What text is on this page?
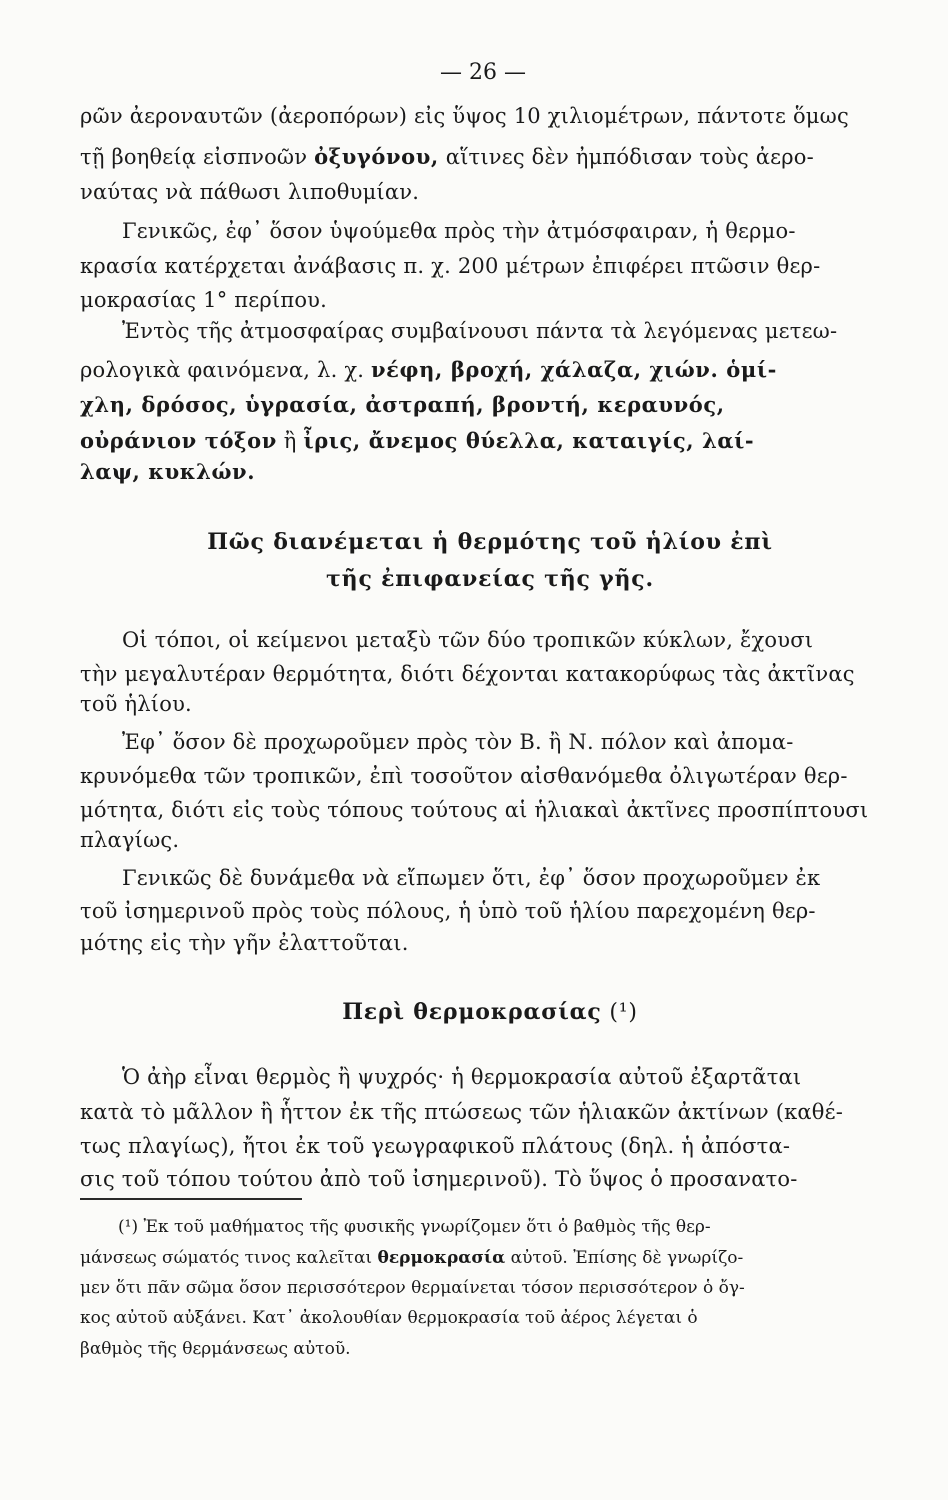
— 26 —
ρῶν ἀεροναυτῶν (ἀεροπόρων) εἰς ὕψος 10 χιλιομέτρων, πάντοτε ὅμως
τῇ βοηθείᾳ εἰσπνοῶν ὀξυγόνου, αἵτινες δὲν ἠμπόδισαν τοὺς ἀερο-
ναύτας νὰ πάθωσι λιποθυμίαν.
Γενικῶς, ἐφ᾿ ὅσον ὑψούμεθα πρὸς τὴν ἀτμόσφαιραν, ἡ θερμο-
κρασία κατέρχεται ἀνάβασις π. χ. 200 μέτρων ἐπιφέρει πτῶσιν θερ-
μοκρασίας 1° περίπου.
Ἐντὸς τῆς ἀτμοσφαίρας συμβαίνουσι πάντα τὰ λεγόμενας μετεω-
ρολογικὰ φαινόμενα, λ. χ. νέφη, βροχή, χάλαζα, χιών. ὁμί-
χλη, δρόσος, ὑγρασία, ἀστραπή, βροντή, κεραυνός,
οὐράνιον τόξον ἢ ἶρις, ἄνεμος θύελλα, καταιγίς, λαί-
λαψ, κυκλών.
Πῶς διανέμεται ἡ θερμότης τοῦ ἡλίου ἐπὶ
τῆς ἐπιφανείας τῆς γῆς.
Οἱ τόποι, οἱ κείμενοι μεταξὺ τῶν δύο τροπικῶν κύκλων, ἔχουσι
τὴν μεγαλυτέραν θερμότητα, διότι δέχονται κατακορύφως τὰς ἀκτῖνας
τοῦ ἡλίου.
Ἐφ᾿ ὅσον δὲ προχωροῦμεν πρὸς τὸν Β. ἢ Ν. πόλον καὶ ἀπομα-
κρυνόμεθα τῶν τροπικῶν, ἐπὶ τοσοῦτον αἰσθανόμεθα ὀλιγωτέραν θερ-
μότητα, διότι εἰς τοὺς τόπους τούτους αἱ ἡλιακαὶ ἀκτῖνες προσπίπτουσι
πλαγίως.
Γενικῶς δὲ δυνάμεθα νὰ εἴπωμεν ὅτι, ἐφ᾿ ὅσον προχωροῦμεν ἐκ
τοῦ ἰσημερινοῦ πρὸς τοὺς πόλους, ἡ ὑπὸ τοῦ ἡλίου παρεχομένη θερ-
μότης εἰς τὴν γῆν ἐλαττοῦται.
Περὶ θερμοκρασίας (¹)
Ὁ ἀὴρ εἶναι θερμὸς ἢ ψυχρός· ἡ θερμοκρασία αὐτοῦ ἐξαρτᾶται
κατὰ τὸ μᾶλλον ἢ ἧττον ἐκ τῆς πτώσεως τῶν ἡλιακῶν ἀκτίνων (καθέ-
τως πλαγίως), ἤτοι ἐκ τοῦ γεωγραφικοῦ πλάτους (δηλ. ἡ ἀπόστα-
σις τοῦ τόπου τούτου ἀπὸ τοῦ ἰσημερινοῦ). Τὸ ὕψος ὁ προσανατο-
(¹) Ἐκ τοῦ μαθήματος τῆς φυσικῆς γνωρίζομεν ὅτι ὁ βαθμὸς τῆς θερ-
μάνσεως σώματός τινος καλεῖται θερμοκρασία αὐτοῦ. Ἐπίσης δὲ γνωρίζο-
μεν ὅτι πᾶν σῶμα ὅσον περισσότερον θερμαίνεται τόσον περισσότερον ὁ ὄγ-
κος αὐτοῦ αὐξάνει. Κατ᾿ ἀκολουθίαν θερμοκρασία τοῦ ἀέρος λέγεται ὁ
βαθμὸς τῆς θερμάνσεως αὐτοῦ.
